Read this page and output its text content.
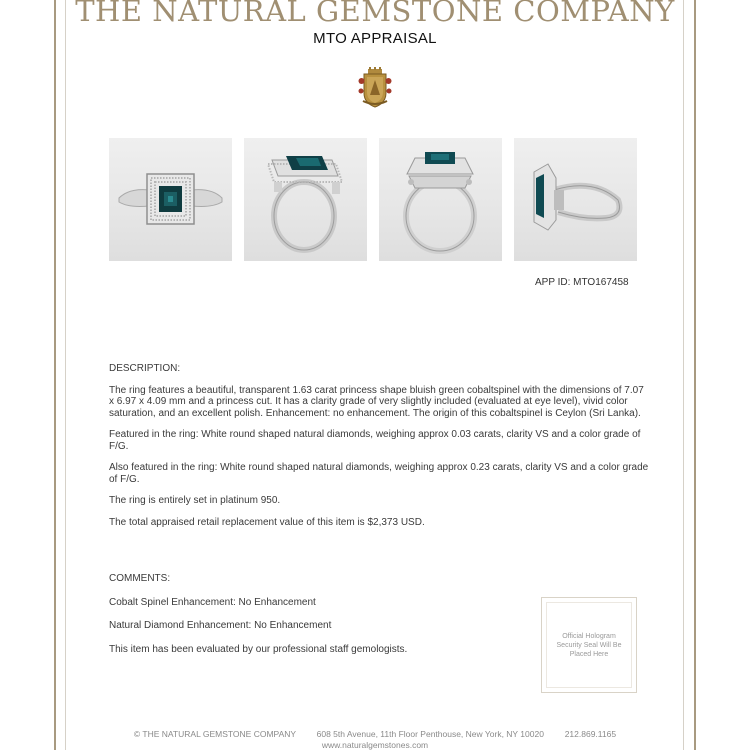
THE NATURAL GEMSTONE COMPANY
MTO APPRAISAL
APP ID: MTO167458

DESCRIPTION:

The ring features a beautiful, transparent 1.63 carat princess shape bluish green cobaltspinel with the dimensions of 7.07 x 6.97 x 4.09 mm and a princess cut. It has a clarity grade of very slightly included (evaluated at eye level), vivid color saturation, and an excellent polish. Enhancement: no enhancement. The origin of this cobaltspinel is Ceylon (Sri Lanka).

Featured in the ring: White round shaped natural diamonds, weighing approx 0.03 carats, clarity VS and a color grade of F/G.

Also featured in the ring: White round shaped natural diamonds, weighing approx 0.23 carats, clarity VS and a color grade of F/G.

The ring is entirely set in platinum 950.

The total appraised retail replacement value of this item is $2,373 USD.

COMMENTS:

Cobalt Spinel Enhancement: No Enhancement

Natural Diamond Enhancement: No Enhancement

This item has been evaluated by our professional staff gemologists.

Official Hologram Security Seal Will Be Placed Here
© THE NATURAL GEMSTONE COMPANY 608 5th Avenue, 11th Floor Penthouse, New York, NY 10020 212.869.1165
www.naturalgemstones.com
